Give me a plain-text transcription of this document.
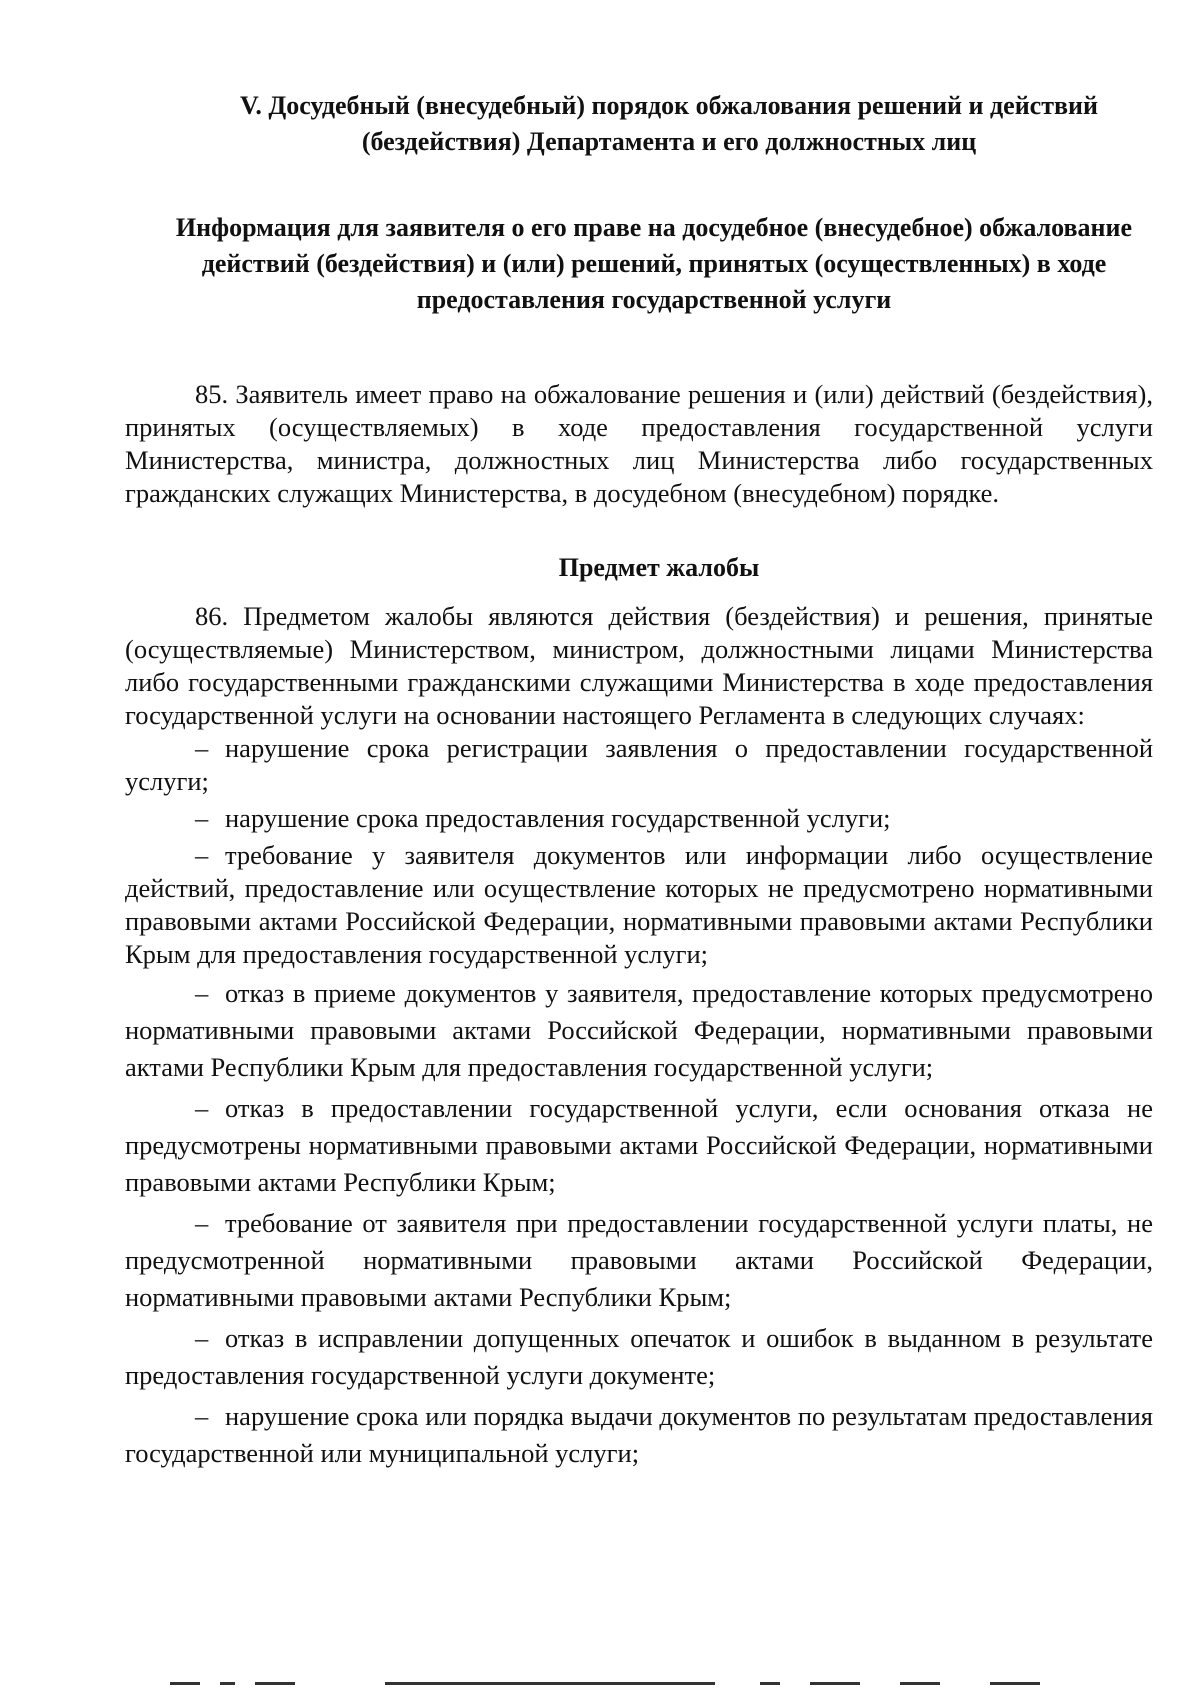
V. Досудебный (внесудебный) порядок обжалования решений и действий (бездействия) Департамента и его должностных лиц
Информация для заявителя о его праве на досудебное (внесудебное) обжалование действий (бездействия) и (или) решений, принятых (осуществленных) в ходе предоставления государственной услуги

85. Заявитель имеет право на обжалование решения и (или) действий (бездействия), принятых (осуществляемых) в ходе предоставления государственной услуги Министерства, министра, должностных лиц Министерства либо государственных гражданских служащих Министерства, в досудебном (внесудебном) порядке.

Предмет жалобы

86. Предметом жалобы являются действия (бездействия) и решения, принятые (осуществляемые) Министерством, министром, должностными лицами Министерства либо государственными гражданскими служащими Министерства в ходе предоставления государственной услуги на основании настоящего Регламента в следующих случаях:

– нарушение срока регистрации заявления о предоставлении государственной услуги;
– нарушение срока предоставления государственной услуги;
– требование у заявителя документов или информации либо осуществление действий, предоставление или осуществление которых не предусмотрено нормативными правовыми актами Российской Федерации, нормативными правовыми актами Республики Крым для предоставления государственной услуги;
– отказ в приеме документов у заявителя, предоставление которых предусмотрено нормативными правовыми актами Российской Федерации, нормативными правовыми актами Республики Крым для предоставления государственной услуги;
– отказ в предоставлении государственной услуги, если основания отказа не предусмотрены нормативными правовыми актами Российской Федерации, нормативными правовыми актами Республики Крым;
– требование от заявителя при предоставлении государственной услуги платы, не предусмотренной нормативными правовыми актами Российской Федерации, нормативными правовыми актами Республики Крым;
– отказ в исправлении допущенных опечаток и ошибок в выданном в результате предоставления государственной услуги документе;
– нарушение срока или порядка выдачи документов по результатам предоставления государственной или муниципальной услуги;
